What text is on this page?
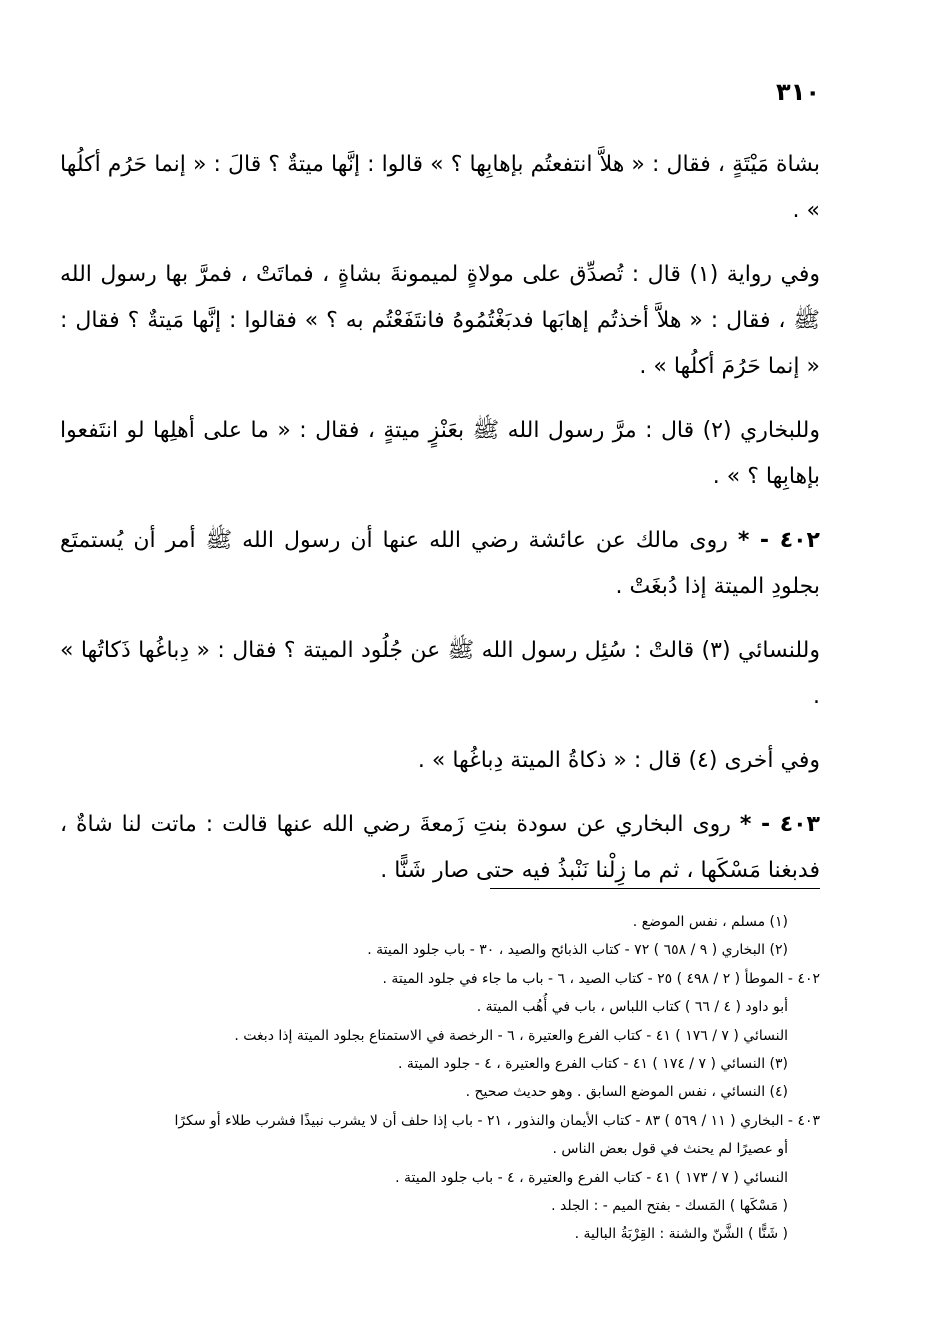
٣١٠

بشاة مَيْتَةٍ ، فقال : « هلاَّ انتفعتُم بإهابِها ؟ » قالوا : إنَّها ميتةٌ ؟ قالَ : « إنما حَرُم أكلُها » .

وفي رواية (١) قال : تُصدِّق على مولاةٍ لميمونةَ بشاةٍ ، فماتَتْ ، فمرَّ بها رسول الله ﷺ ، فقال : « هلاَّ أخذتُم إهابَها فدبَغْتُمُوهُ فانتَفَعْتُم به ؟ » فقالوا : إنَّها مَيتةٌ ؟ فقال : « إنما حَرُمَ أكلُها » .

وللبخاري (٢) قال : مرَّ رسول الله ﷺ بعَنْزٍ ميتةٍ ، فقال : « ما على أهلِها لو انتَفعوا بإهابِها ؟ » .

٤٠٢ - * روى مالك عن عائشة رضي الله عنها أن رسول الله ﷺ أمر أن يُستمتَع بجلودِ الميتة إذا دُبغَتْ .

وللنسائي (٣) قالتْ : سُئِل رسول الله ﷺ عن جُلُود الميتة ؟ فقال : « دِباغُها ذَكاتُها » .

وفي أخرى (٤) قال : « ذكاةُ الميتة دِباغُها » .

٤٠٣ - * روى البخاري عن سودة بنتِ زَمعةَ رضي الله عنها قالت : ماتت لنا شاةٌ ، فدبغنا مَسْكَها ، ثم ما زِلْنا نَنْبذُ فيه حتى صار شَنًّا .

(١) مسلم ، نفس الموضع .
(٢) البخاري ( ٩ / ٦٥٨ ) ٧٢ - كتاب الذبائح والصيد ، ٣٠ - باب جلود الميتة .
٤٠٢ - الموطأ ( ٢ / ٤٩٨ ) ٢٥ - كتاب الصيد ، ٦ - باب ما جاء في جلود الميتة .
أبو داود ( ٤ / ٦٦ ) كتاب اللباس ، باب في أُهُب الميتة .
النسائي ( ٧ / ١٧٦ ) ٤١ - كتاب الفرع والعتيرة ، ٦ - الرخصة في الاستمتاع بجلود الميتة إذا دبغت .
(٣) النسائي ( ٧ / ١٧٤ ) ٤١ - كتاب الفرع والعتيرة ، ٤ - جلود الميتة .
(٤) النسائي ، نفس الموضع السابق . وهو حديث صحيح .
٤٠٣ - البخاري ( ١١ / ٥٦٩ ) ٨٣ - كتاب الأيمان والنذور ، ٢١ - باب إذا حلف أن لا يشرب نبيذًا فشرب طلاء أو سكرًا
أو عصيرًا لم يحنث في قول بعض الناس .
النسائي ( ٧ / ١٧٣ ) ٤١ - كتاب الفرع والعتيرة ، ٤ - باب جلود الميتة .
( مَسْكَها ) المَسك - بفتح الميم - : الجلد .
( شَنًّا ) الشَّنّ والشنة : القِرْبَةُ البالية .
